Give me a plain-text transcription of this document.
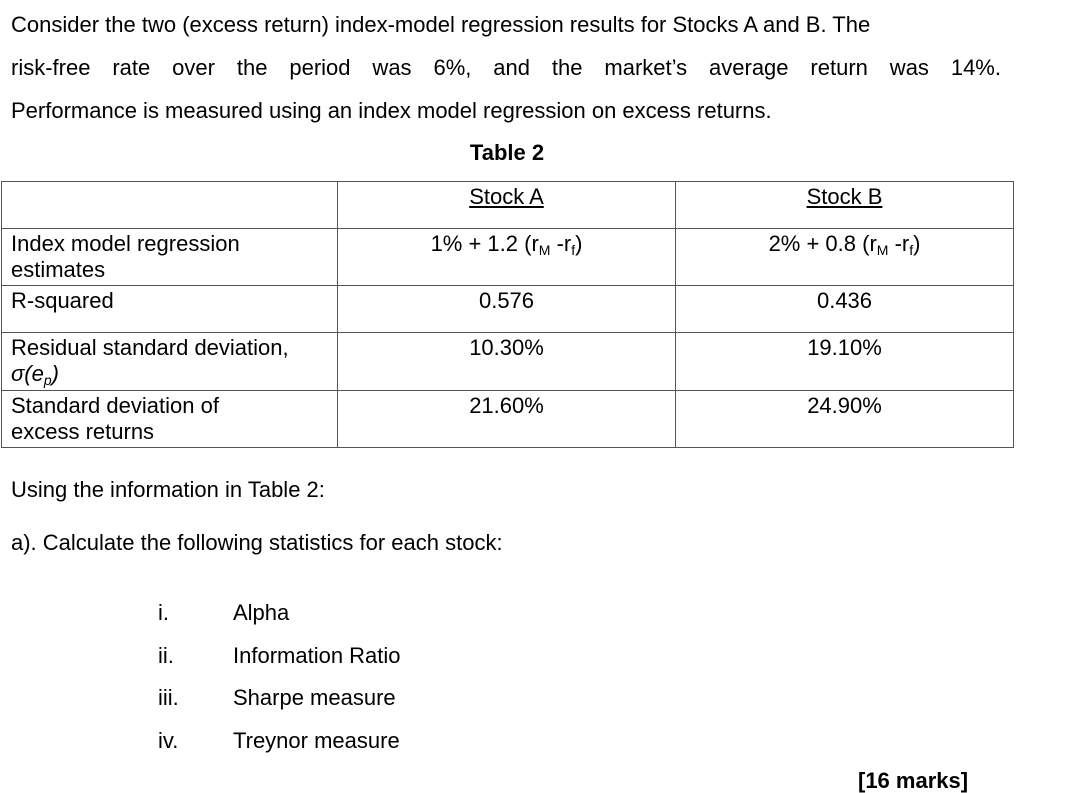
Consider the two (excess return) index-model regression results for Stocks A and B. The
risk-free rate over the period was 6%, and the market’s average return was 14%.
Performance is measured using an index model regression on excess returns.
Table 2
	Stock A	Stock B

Index model regression
estimates	1% + 1.2 ($r_M$ $-r_f$)	2% + 0.8 ($r_M$ $-r_f$)

R-squared	0.576	0.436

Residual standard deviation,
$\sigma(e_p)$	10.30%	19.10%

Standard deviation of
excess returns	21.60%	24.90%
Using the information in Table 2:
a). Calculate the following statistics for each stock:
i.	Alpha
ii.	Information Ratio
iii. Sharpe measure
iv. Treynor measure
[16 marks]
